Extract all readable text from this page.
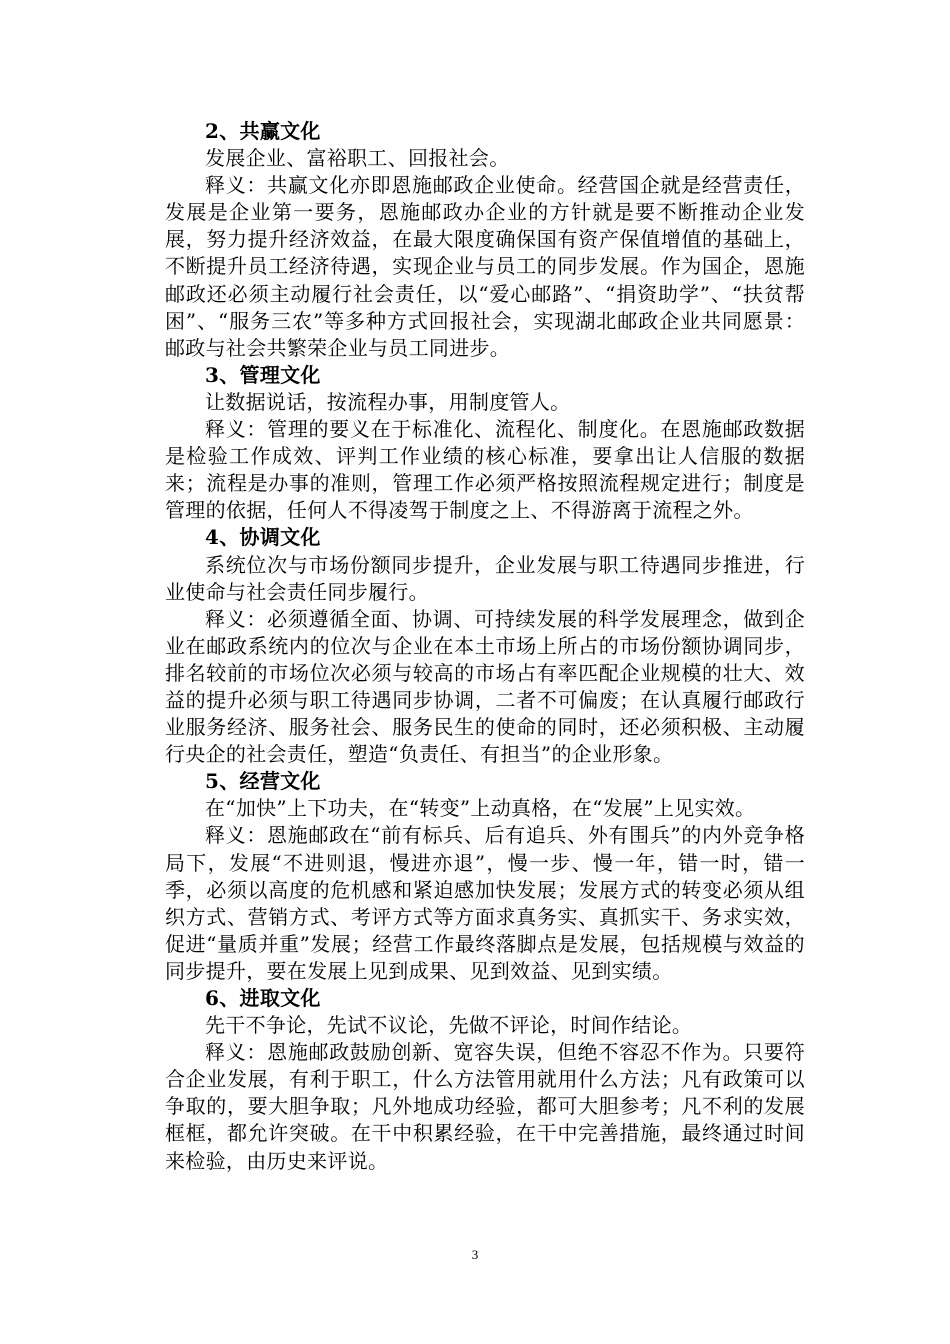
2、共赢文化

发展企业、富裕职工、回报社会。

释义：共赢文化亦即恩施邮政企业使命。经营国企就是经营责任，发展是企业第一要务，恩施邮政办企业的方针就是要不断推动企业发展，努力提升经济效益，在最大限度确保国有资产保值增值的基础上，不断提升员工经济待遇，实现企业与员工的同步发展。作为国企，恩施邮政还必须主动履行社会责任，以“爱心邮路”、“捐资助学”、“扶贫帮困”、“服务三农”等多种方式回报社会，实现湖北邮政企业共同愿景：邮政与社会共繁荣企业与员工同进步。

3、管理文化

让数据说话，按流程办事，用制度管人。

释义：管理的要义在于标准化、流程化、制度化。在恩施邮政数据是检验工作成效、评判工作业绩的核心标准，要拿出让人信服的数据来；流程是办事的准则，管理工作必须严格按照流程规定进行；制度是管理的依据，任何人不得凌驾于制度之上、不得游离于流程之外。

4、协调文化

系统位次与市场份额同步提升，企业发展与职工待遇同步推进，行业使命与社会责任同步履行。

释义：必须遵循全面、协调、可持续发展的科学发展理念，做到企业在邮政系统内的位次与企业在本土市场上所占的市场份额协调同步，排名较前的市场位次必须与较高的市场占有率匹配企业规模的壮大、效益的提升必须与职工待遇同步协调，二者不可偏废；在认真履行邮政行业服务经济、服务社会、服务民生的使命的同时，还必须积极、主动履行央企的社会责任，塑造“负责任、有担当”的企业形象。

5、经营文化

在“加快”上下功夫，在“转变”上动真格，在“发展”上见实效。

释义：恩施邮政在“前有标兵、后有追兵、外有围兵”的内外竞争格局下，发展“不进则退，慢进亦退”，慢一步、慢一年，错一时，错一季，必须以高度的危机感和紧迫感加快发展；发展方式的转变必须从组织方式、营销方式、考评方式等方面求真务实、真抓实干、务求实效，促进“量质并重”发展；经营工作最终落脚点是发展，包括规模与效益的同步提升，要在发展上见到成果、见到效益、见到实绩。

6、进取文化

先干不争论，先试不议论，先做不评论，时间作结论。

释义：恩施邮政鼓励创新、宽容失误，但绝不容忍不作为。只要符合企业发展，有利于职工，什么方法管用就用什么方法；凡有政策可以争取的，要大胆争取；凡外地成功经验，都可大胆参考；凡不利的发展框框，都允许突破。在干中积累经验，在干中完善措施，最终通过时间来检验，由历史来评说。

3
